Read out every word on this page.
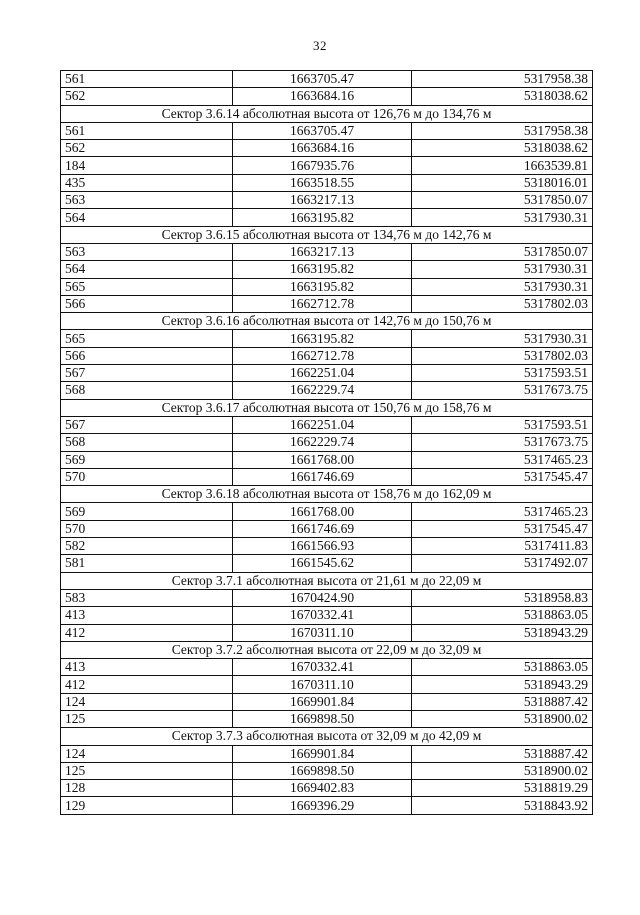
32
561	1663705.47	5317958.38
562	1663684.16	5318038.62
Сектор 3.6.14 абсолютная высота от 126,76 м до 134,76 м		
561	1663705.47	5317958.38
562	1663684.16	5318038.62
184	1667935.76	1663539.81
435	1663518.55	5318016.01
563	1663217.13	5317850.07
564	1663195.82	5317930.31
Сектор 3.6.15 абсолютная высота от 134,76 м до 142,76 м		
563	1663217.13	5317850.07
564	1663195.82	5317930.31
565	1663195.82	5317930.31
566	1662712.78	5317802.03
Сектор 3.6.16 абсолютная высота от 142,76 м до 150,76 м		
565	1663195.82	5317930.31
566	1662712.78	5317802.03
567	1662251.04	5317593.51
568	1662229.74	5317673.75
Сектор 3.6.17 абсолютная высота от 150,76 м до 158,76 м		
567	1662251.04	5317593.51
568	1662229.74	5317673.75
569	1661768.00	5317465.23
570	1661746.69	5317545.47
Сектор 3.6.18 абсолютная высота от 158,76 м до 162,09 м		
569	1661768.00	5317465.23
570	1661746.69	5317545.47
582	1661566.93	5317411.83
581	1661545.62	5317492.07
Сектор 3.7.1 абсолютная высота от 21,61 м до 22,09 м		
583	1670424.90	5318958.83
413	1670332.41	5318863.05
412	1670311.10	5318943.29
Сектор 3.7.2 абсолютная высота от 22,09 м до 32,09 м		
413	1670332.41	5318863.05
412	1670311.10	5318943.29
124	1669901.84	5318887.42
125	1669898.50	5318900.02
Сектор 3.7.3 абсолютная высота от 32,09 м до 42,09 м		
124	1669901.84	5318887.42
125	1669898.50	5318900.02
128	1669402.83	5318819.29
129	1669396.29	5318843.92
